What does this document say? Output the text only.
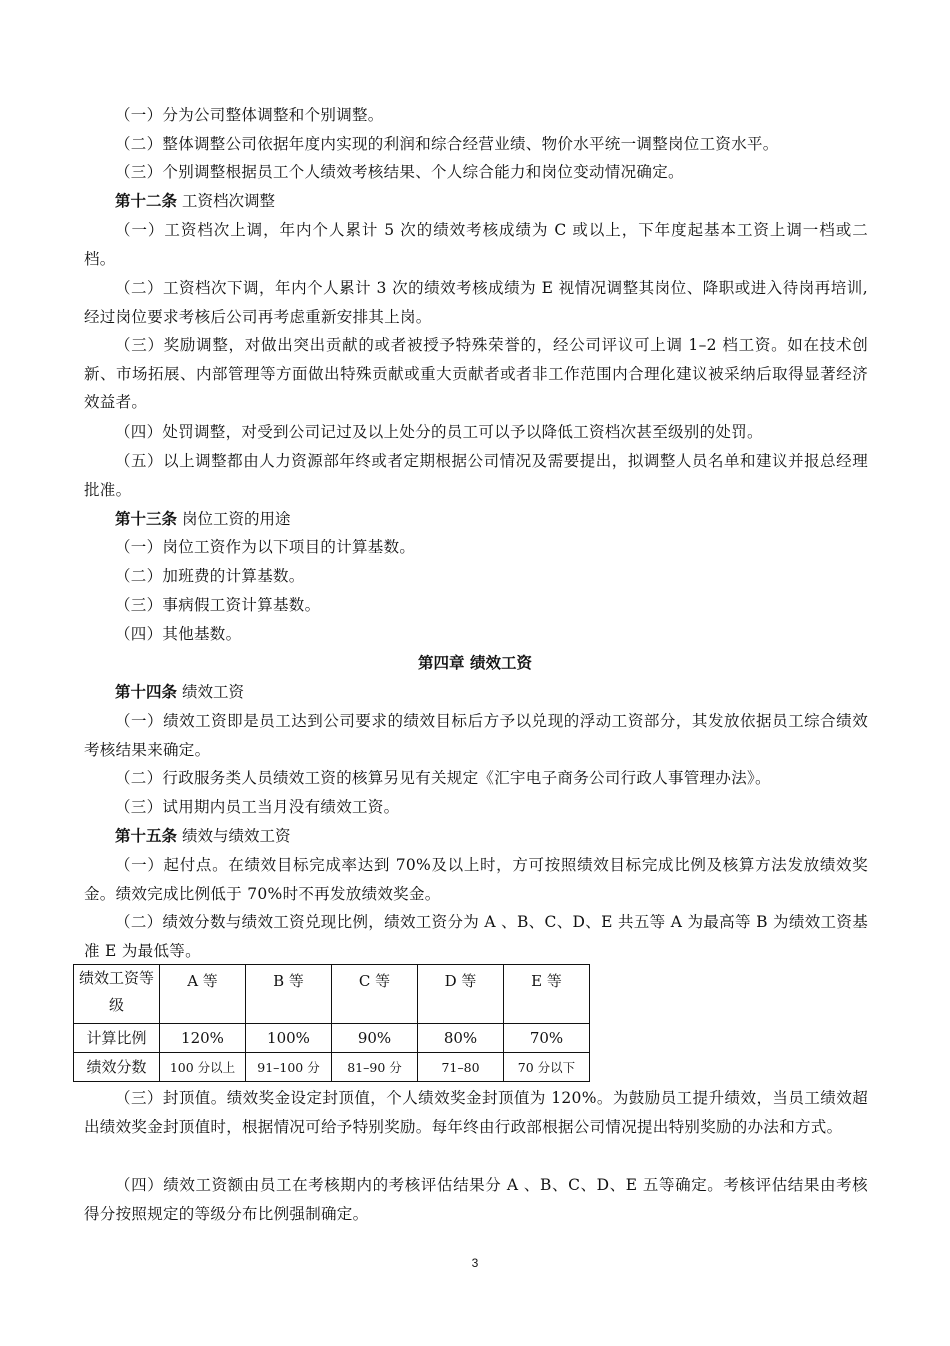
（一）分为公司整体调整和个别调整。

（二）整体调整公司依据年度内实现的利润和综合经营业绩、物价水平统一调整岗位工资水平。

（三）个别调整根据员工个人绩效考核结果、个人综合能力和岗位变动情况确定。

第十二条 工资档次调整

（一）工资档次上调，年内个人累计 5 次的绩效考核成绩为 C 或以上，下年度起基本工资上调一档或二档。

（二）工资档次下调，年内个人累计 3 次的绩效考核成绩为 E 视情况调整其岗位、降职或进入待岗再培训,经过岗位要求考核后公司再考虑重新安排其上岗。

（三）奖励调整，对做出突出贡献的或者被授予特殊荣誉的，经公司评议可上调 1–2 档工资。如在技术创新、市场拓展、内部管理等方面做出特殊贡献或重大贡献者或者非工作范围内合理化建议被采纳后取得显著经济效益者。

（四）处罚调整，对受到公司记过及以上处分的员工可以予以降低工资档次甚至级别的处罚。

（五）以上调整都由人力资源部年终或者定期根据公司情况及需要提出，拟调整人员名单和建议并报总经理批准。

第十三条 岗位工资的用途

（一）岗位工资作为以下项目的计算基数。

（二）加班费的计算基数。

（三）事病假工资计算基数。

（四）其他基数。

第四章 绩效工资

第十四条 绩效工资

（一）绩效工资即是员工达到公司要求的绩效目标后方予以兑现的浮动工资部分，其发放依据员工综合绩效考核结果来确定。

（二）行政服务类人员绩效工资的核算另见有关规定《汇宇电子商务公司行政人事管理办法》。

（三）试用期内员工当月没有绩效工资。

第十五条 绩效与绩效工资

（一）起付点。在绩效目标完成率达到 70%及以上时，方可按照绩效目标完成比例及核算方法发放绩效奖金。绩效完成比例低于 70%时不再发放绩效奖金。

（二）绩效分数与绩效工资兑现比例，绩效工资分为 A 、B、C、D、E 共五等 A 为最高等 B 为绩效工资基准 E 为最低等。

绩效工资等级	A 等	B 等	C 等	D 等	E 等
计算比例	120%	100%	90%	80%	70%
绩效分数	100 分以上	91–100 分	81–90 分	71–80	70 分以下

（三）封顶值。绩效奖金设定封顶值，个人绩效奖金封顶值为 120%。为鼓励员工提升绩效，当员工绩效超出绩效奖金封顶值时，根据情况可给予特别奖励。每年终由行政部根据公司情况提出特别奖励的办法和方式。

（四）绩效工资额由员工在考核期内的考核评估结果分 A 、B、C、D、E 五等确定。考核评估结果由考核得分按照规定的等级分布比例强制确定。

3
